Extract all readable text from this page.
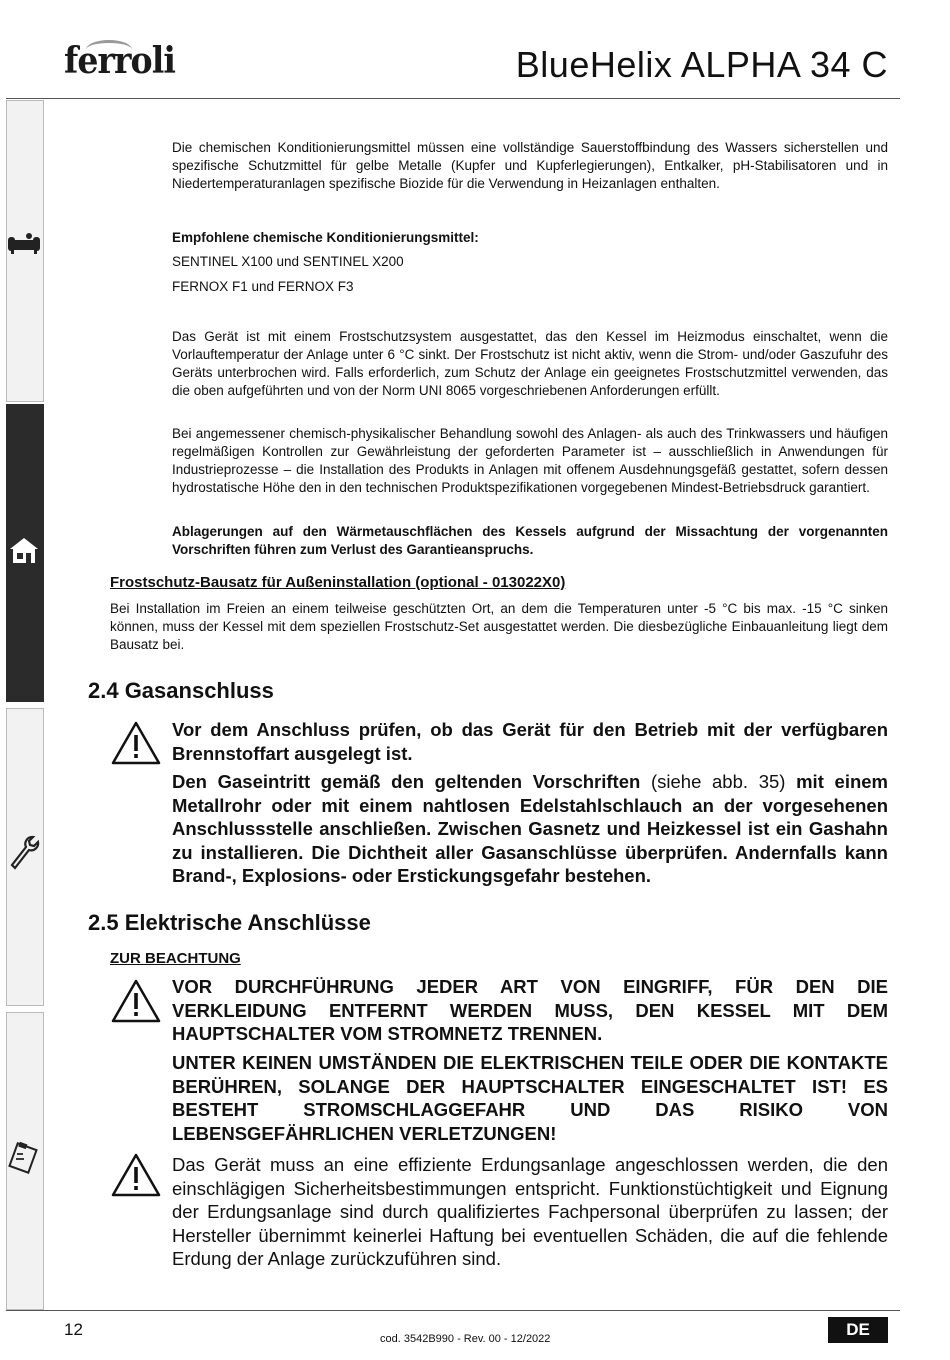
ferroli	BlueHelix ALPHA 34 C

Die chemischen Konditionierungsmittel müssen eine vollständige Sauerstoffbindung des Wassers sicherstellen und spezifische Schutzmittel für gelbe Metalle (Kupfer und Kupferlegierungen), Entkalker, pH-Stabilisatoren und in Niedertemperaturanlagen spezifische Biozide für die Verwendung in Heizanlagen enthalten.

Empfohlene chemische Konditionierungsmittel:

SENTINEL X100 und SENTINEL X200

FERNOX F1 und FERNOX F3

Das Gerät ist mit einem Frostschutzsystem ausgestattet, das den Kessel im Heizmodus einschaltet, wenn die Vorlauftemperatur der Anlage unter 6 °C sinkt. Der Frostschutz ist nicht aktiv, wenn die Strom- und/oder Gaszufuhr des Geräts unterbrochen wird. Falls erforderlich, zum Schutz der Anlage ein geeignetes Frostschutzmittel verwenden, das die oben aufgeführten und von der Norm UNI 8065 vorgeschriebenen Anforderungen erfüllt.

Bei angemessener chemisch-physikalischer Behandlung sowohl des Anlagen- als auch des Trinkwassers und häufigen regelmäßigen Kontrollen zur Gewährleistung der geforderten Parameter ist – ausschließlich in Anwendungen für Industrieprozesse – die Installation des Produkts in Anlagen mit offenem Ausdehnungsgefäß gestattet, sofern dessen hydrostatische Höhe den in den technischen Produktspezifikationen vorgegebenen Mindest-Betriebsdruck garantiert.

Ablagerungen auf den Wärmetauschflächen des Kessels aufgrund der Missachtung der vorgenannten Vorschriften führen zum Verlust des Garantieanspruchs.

Frostschutz-Bausatz für Außeninstallation (optional - 013022X0)

Bei Installation im Freien an einem teilweise geschützten Ort, an dem die Temperaturen unter -5 °C bis max. -15 °C sinken können, muss der Kessel mit dem speziellen Frostschutz-Set ausgestattet werden. Die diesbezügliche Einbauanleitung liegt dem Bausatz bei.

2.4 Gasanschluss

Vor dem Anschluss prüfen, ob das Gerät für den Betrieb mit der verfügbaren Brennstoffart ausgelegt ist.

Den Gaseintritt gemäß den geltenden Vorschriften (siehe abb. 35) mit einem Metallrohr oder mit einem nahtlosen Edelstahlschlauch an der vorgesehenen Anschlussstelle anschließen. Zwischen Gasnetz und Heizkessel ist ein Gashahn zu installieren. Die Dichtheit aller Gasanschlüsse überprüfen. Andernfalls kann Brand-, Explosions- oder Erstickungsgefahr bestehen.

2.5 Elektrische Anschlüsse
ZUR BEACHTUNG

VOR DURCHFÜHRUNG JEDER ART VON EINGRIFF, FÜR DEN DIE VERKLEIDUNG ENTFERNT WERDEN MUSS, DEN KESSEL MIT DEM HAUPTSCHALTER VOM STROMNETZ TRENNEN.

UNTER KEINEN UMSTÄNDEN DIE ELEKTRISCHEN TEILE ODER DIE KONTAKTE BERÜHREN, SOLANGE DER HAUPTSCHALTER EINGESCHALTET IST! ES BESTEHT STROMSCHLAGGEFAHR UND DAS RISIKO VON LEBENSGEFÄHRLICHEN VERLETZUNGEN!

Das Gerät muss an eine effiziente Erdungsanlage angeschlossen werden, die den einschlägigen Sicherheitsbestimmungen entspricht. Funktionstüchtigkeit und Eignung der Erdungsanlage sind durch qualifiziertes Fachpersonal überprüfen zu lassen; der Hersteller übernimmt keinerlei Haftung bei eventuellen Schäden, die auf die fehlende Erdung der Anlage zurückzuführen sind.

12	cod. 3542B990 - Rev. 00 - 12/2022	DE
